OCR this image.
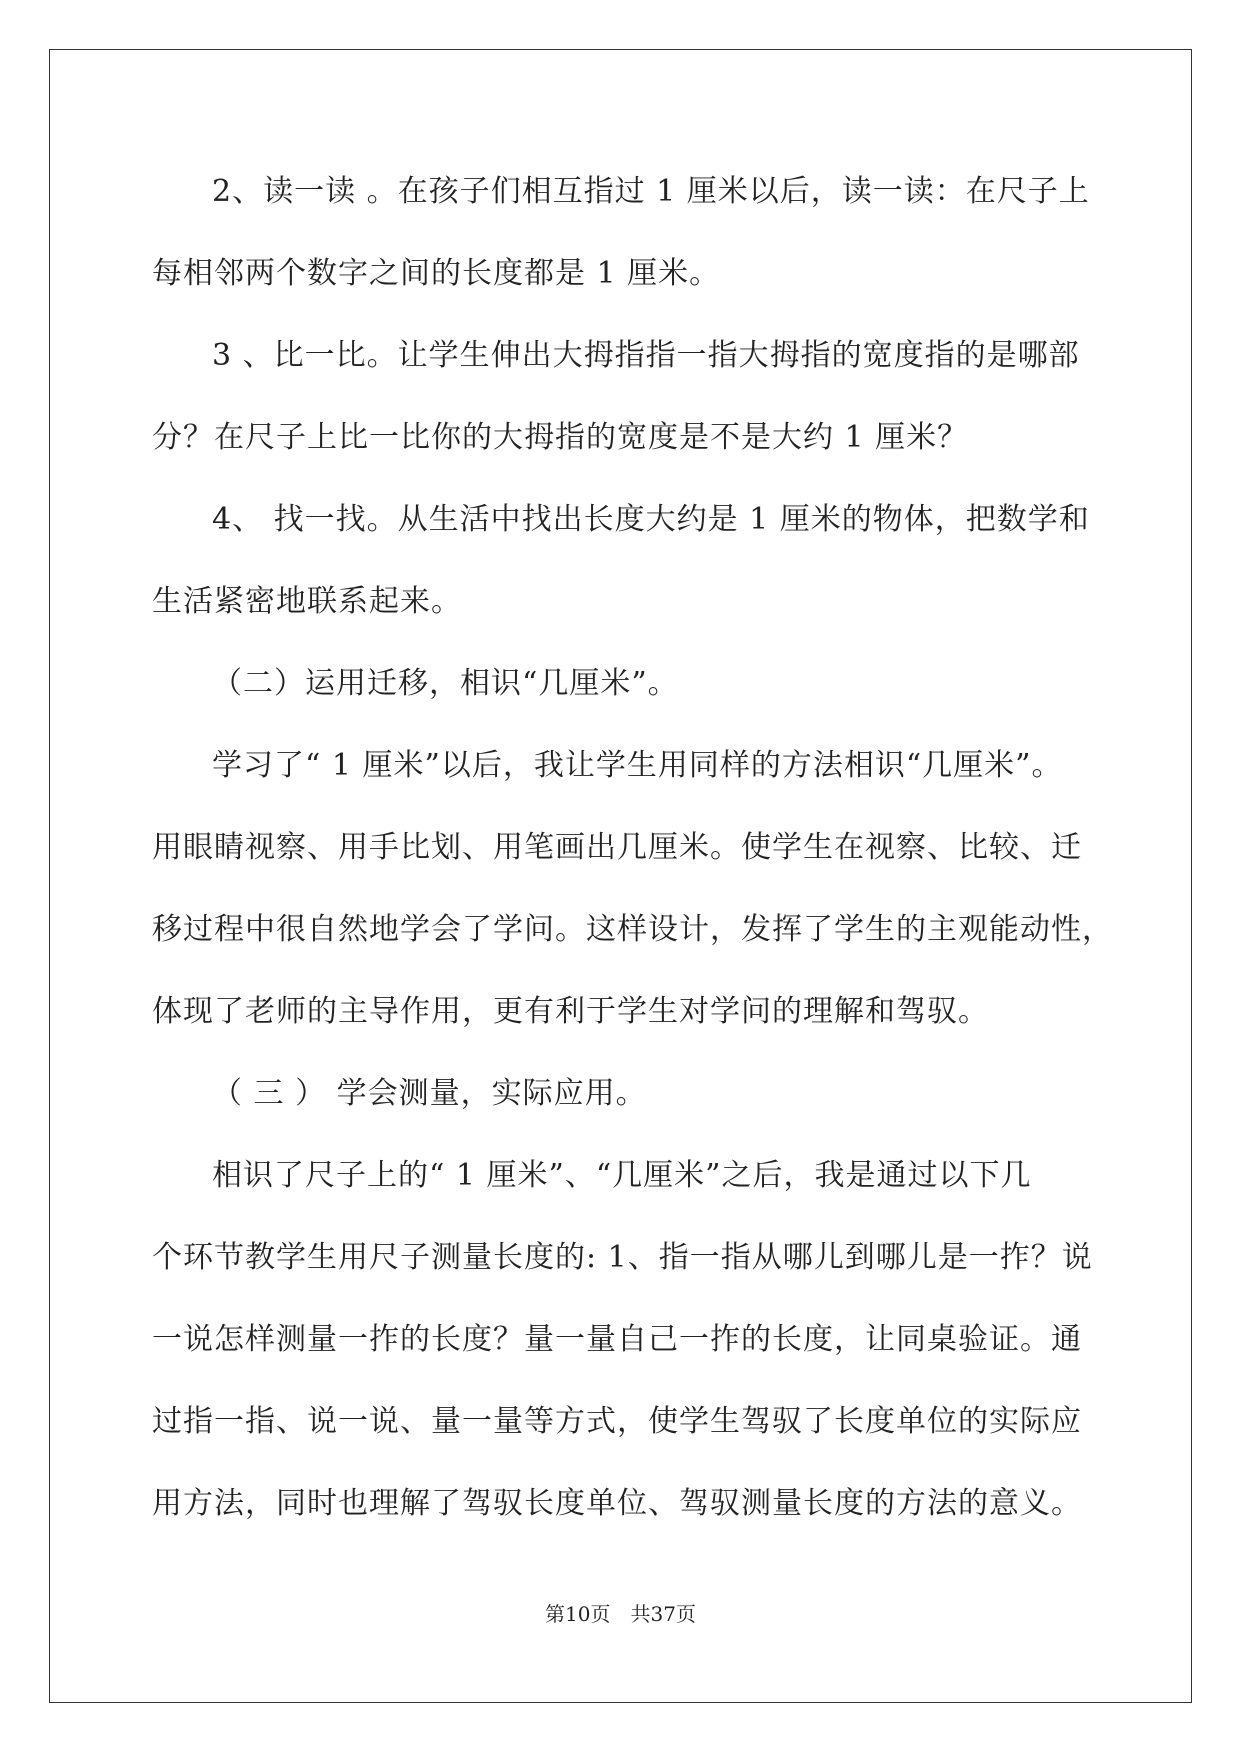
2、读一读 。在孩子们相互指过 1 厘米以后，读一读：在尺子上
每相邻两个数字之间的长度都是 1 厘米。
3 、比一比。让学生伸出大拇指指一指大拇指的宽度指的是哪部
分？在尺子上比一比你的大拇指的宽度是不是大约 1 厘米？
4、 找一找。从生活中找出长度大约是 1 厘米的物体，把数学和
生活紧密地联系起来。
（二）运用迁移，相识“几厘米”。
学习了“ 1 厘米”以后，我让学生用同样的方法相识“几厘米”。
用眼睛视察、用手比划、用笔画出几厘米。使学生在视察、比较、迁
移过程中很自然地学会了学问。这样设计，发挥了学生的主观能动性，
体现了老师的主导作用，更有利于学生对学问的理解和驾驭。
（ 三 ） 学会测量，实际应用。
相识了尺子上的“ 1 厘米”、“几厘米”之后，我是通过以下几
个环节教学生用尺子测量长度的: 1、指一指从哪儿到哪儿是一拃？说
一说怎样测量一拃的长度？量一量自己一拃的长度，让同桌验证。通
过指一指、说一说、量一量等方式，使学生驾驭了长度单位的实际应
用方法，同时也理解了驾驭长度单位、驾驭测量长度的方法的意义。
第10页　共37页
